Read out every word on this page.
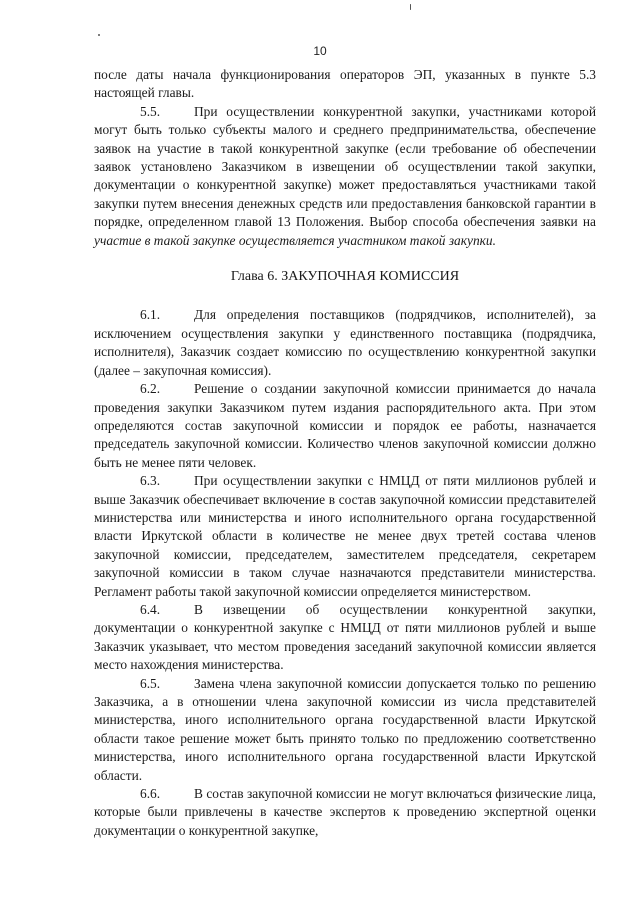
10

после даты начала функционирования операторов ЭП, указанных в пункте 5.3 настоящей главы.

5.5.	При осуществлении конкурентной закупки, участниками которой могут быть только субъекты малого и среднего предпринимательства, обеспечение заявок на участие в такой конкурентной закупке (если требование об обеспечении заявок установлено Заказчиком в извещении об осуществлении такой закупки, документации о конкурентной закупке) может предоставляться участниками такой закупки путем внесения денежных средств или предоставления банковской гарантии в порядке, определенном главой 13 Положения. Выбор способа обеспечения заявки на участие в такой закупке осуществляется участником такой закупки.

Глава 6. ЗАКУПОЧНАЯ КОМИССИЯ

6.1.	Для определения поставщиков (подрядчиков, исполнителей), за исключением осуществления закупки у единственного поставщика (подрядчика, исполнителя), Заказчик создает комиссию по осуществлению конкурентной закупки (далее – закупочная комиссия).

6.2.	Решение о создании закупочной комиссии принимается до начала проведения закупки Заказчиком путем издания распорядительного акта. При этом определяются состав закупочной комиссии и порядок ее работы, назначается председатель закупочной комиссии. Количество членов закупочной комиссии должно быть не менее пяти человек.

6.3.	При осуществлении закупки с НМЦД от пяти миллионов рублей и выше Заказчик обеспечивает включение в состав закупочной комиссии представителей министерства или министерства и иного исполнительного органа государственной власти Иркутской области в количестве не менее двух третей состава членов закупочной комиссии, председателем, заместителем председателя, секретарем закупочной комиссии в таком случае назначаются представители министерства. Регламент работы такой закупочной комиссии определяется министерством.

6.4.	В извещении об осуществлении конкурентной закупки, документации о конкурентной закупке с НМЦД от пяти миллионов рублей и выше Заказчик указывает, что местом проведения заседаний закупочной комиссии является место нахождения министерства.

6.5.	Замена члена закупочной комиссии допускается только по решению Заказчика, а в отношении члена закупочной комиссии из числа представителей министерства, иного исполнительного органа государственной власти Иркутской области такое решение может быть принято только по предложению соответственно министерства, иного исполнительного органа государственной власти Иркутской области.

6.6.	В состав закупочной комиссии не могут включаться физические лица, которые были привлечены в качестве экспертов к проведению экспертной оценки документации о конкурентной закупке,
